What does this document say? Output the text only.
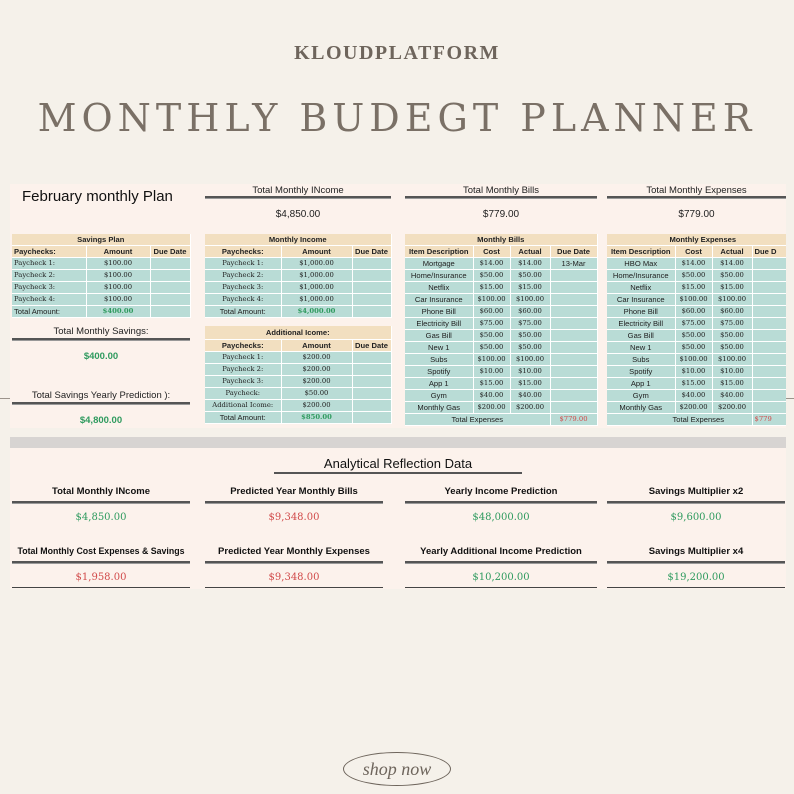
KLOUDPLATFORM
MONTHLY BUDEGT PLANNER
February monthly Plan
Savings Plan		
Paychecks:	Amount	Due Date
Paycheck 1:	$100.00	
Paycheck 2:	$100.00	
Paycheck 3:	$100.00	
Paycheck 4:	$100.00	
Total Amount:	$400.00	
Total Monthly Savings:
$400.00
Total Savings Yearly Prediction ):
$4,800.00
Total Monthly INcome
$4,850.00
Monthly Income		
Paychecks:	Amount	Due Date
Paycheck 1:	$1,000.00	
Paycheck 2:	$1,000.00	
Paycheck 3:	$1,000.00	
Paycheck 4:	$1,000.00	
Total Amount:	$4,000.00	
Additional Icome:		
Paychecks:	Amount	Due Date
Paycheck 1:	$200.00	
Paycheck 2:	$200.00	
Paycheck 3:	$200.00	
Paycheck:	$50.00	
Additional Icome:	$200.00	
Total Amount:	$850.00	
Total Monthly Bills
$779.00
Monthly Bills			
Item Description	Cost	Actual	Due Date
Mortgage	$14.00	$14.00	13-Mar
Home/Insurance	$50.00	$50.00	
Netflix	$15.00	$15.00	
Car Insurance	$100.00	$100.00	
Phone Bill	$60.00	$60.00	
Electricity Bill	$75.00	$75.00	
Gas Bill	$50.00	$50.00	
New 1	$50.00	$50.00	
Subs	$100.00	$100.00	
Spotify	$10.00	$10.00	
App 1	$15.00	$15.00	
Gym	$40.00	$40.00	
Monthly Gas	$200.00	$200.00	
Total Expenses			$779.00
Total Monthly Expenses
$779.00
Monthly Expenses			
Item Description	Cost	Actual	Due D
HBO Max	$14.00	$14.00	
Home/Insurance	$50.00	$50.00	
Netflix	$15.00	$15.00	
Car Insurance	$100.00	$100.00	
Phone Bill	$60.00	$60.00	
Electricity Bill	$75.00	$75.00	
Gas Bill	$50.00	$50.00	
New 1	$50.00	$50.00	
Subs	$100.00	$100.00	
Spotify	$10.00	$10.00	
App 1	$15.00	$15.00	
Gym	$40.00	$40.00	
Monthly Gas	$200.00	$200.00	
Total Expenses			$779
Analytical Reflection Data
Total Monthly INcome
$4,850.00
Predicted Year Monthly Bills
$9,348.00
Yearly Income Prediction
$48,000.00
Savings Multiplier x2
$9,600.00
Total Monthly Cost Expenses & Savings
$1,958.00
Predicted Year Monthly Expenses
$9,348.00
Yearly Additional Income Prediction
$10,200.00
Savings Multiplier x4
$19,200.00
shop now
